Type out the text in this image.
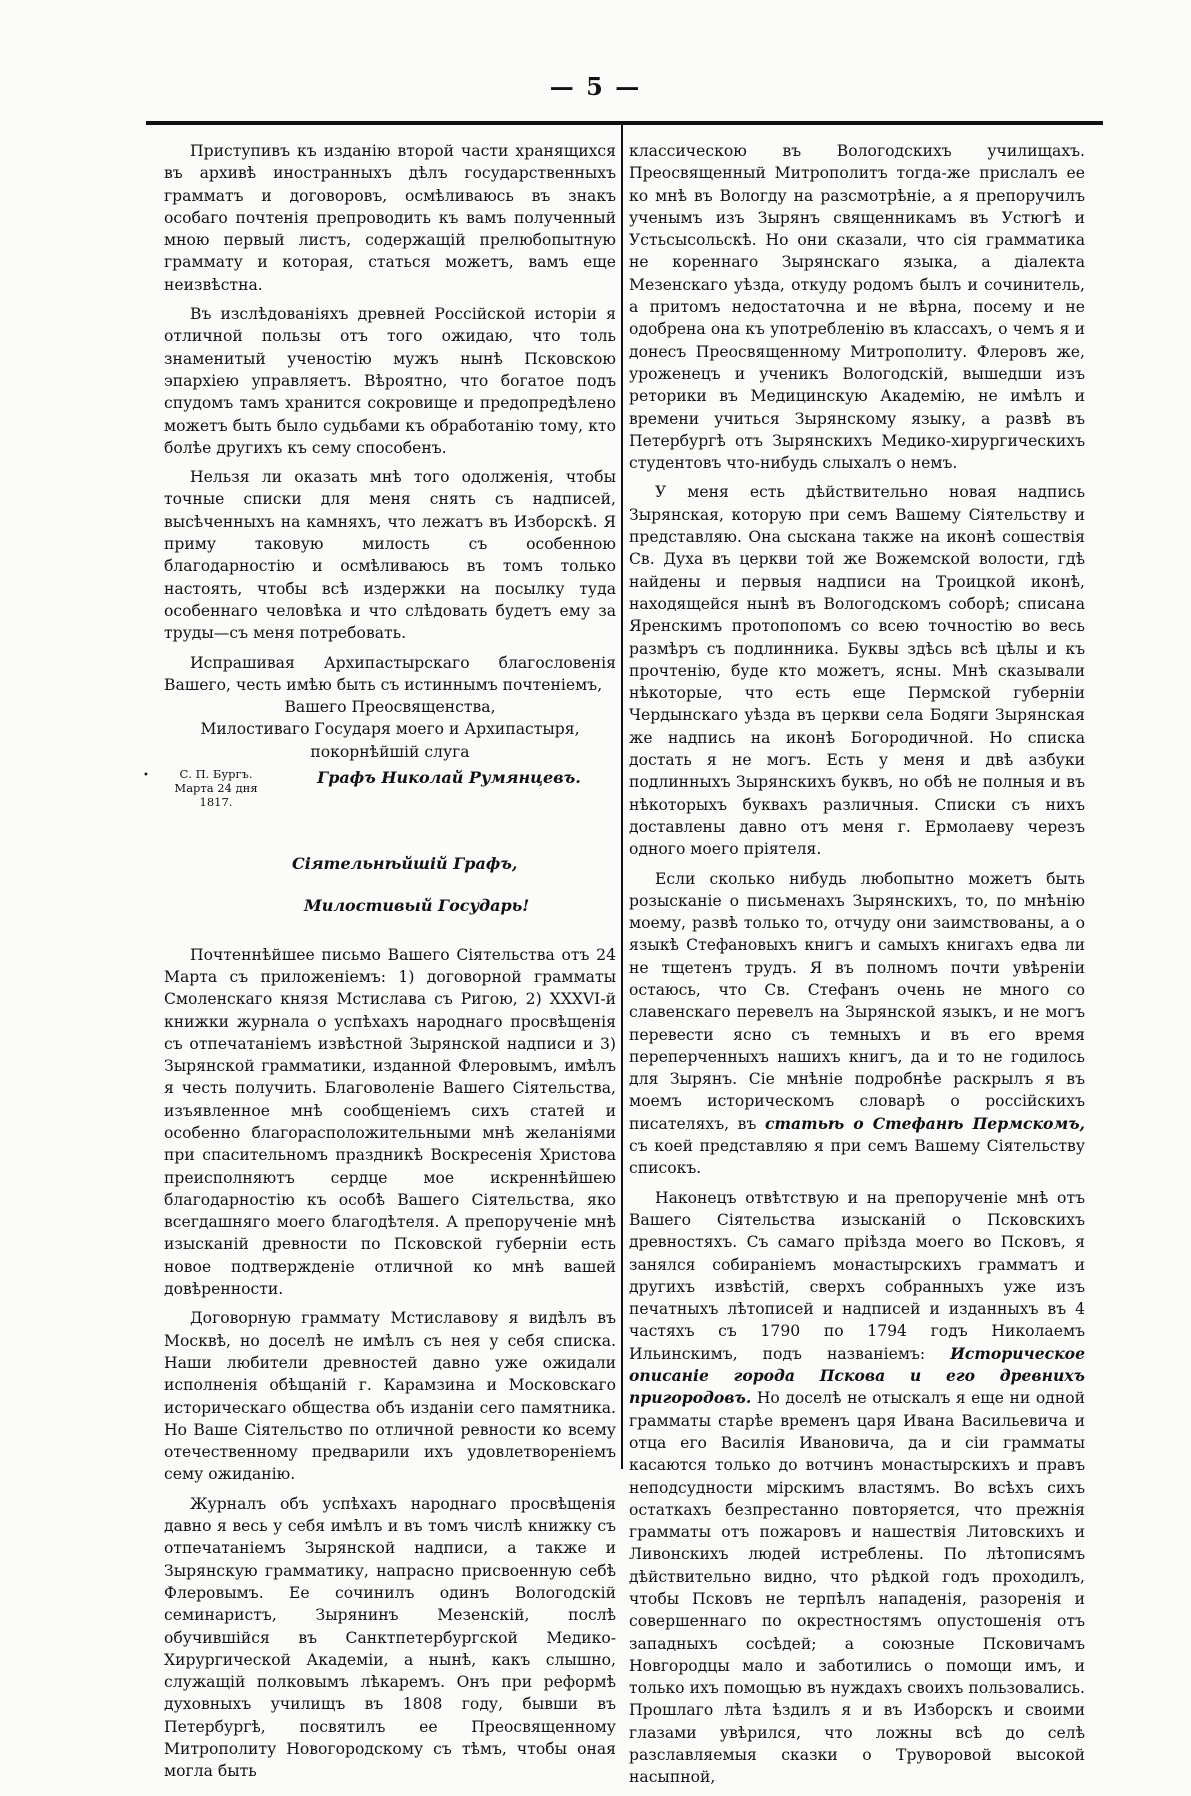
— 5 —

Приступивъ къ изданію второй части хранящихся въ архивѣ иностранныхъ дѣлъ государственныхъ грамматъ и договоровъ, осмѣливаюсь въ знакъ особаго почтенія препроводить къ вамъ полученный мною первый листъ, содержащій прелюбопытную граммату и которая, статься можетъ, вамъ еще неизвѣстна.

Въ изслѣдованіяхъ древней Россійской исторіи я отличной пользы отъ того ожидаю, что толь знаменитый ученостію мужъ нынѣ Псковскою эпархіею управляетъ. Вѣроятно, что богатое подъ спудомъ тамъ хранится сокровище и предопредѣлено можетъ быть было судьбами къ обработанію тому, кто болѣе другихъ къ сему способенъ.

Нельзя ли оказать мнѣ того одолженія, чтобы точные списки для меня снять съ надписей, высѣченныхъ на камняхъ, что лежатъ въ Изборскѣ. Я приму таковую милость съ особенною благодарностію и осмѣливаюсь въ томъ только настоять, чтобы всѣ издержки на посылку туда особеннаго человѣка и что слѣдовать будетъ ему за труды—съ меня потребовать.

Испрашивая Архипастырскаго благословенія Вашего, честь имѣю быть съ истиннымъ почтеніемъ,
Вашего Преосвященства,
Милостиваго Государя моего и Архипастыря,
покорнѣйшій слуга
•	С. П. Бургъ.
Марта 24 дня
1817.
Графъ Николай Румянцевъ.
Сіятельнѣйшій Графъ,
Милостивый Государь!

Почтеннѣйшее письмо Вашего Сіятельства отъ 24 Марта съ приложеніемъ: 1) договорной грамматы Смоленскаго князя Мстислава съ Ригою, 2) XXXVI-й книжки журнала о успѣхахъ народнаго просвѣщенія съ отпечатаніемъ извѣстной Зырянской надписи и 3) Зырянской грамматики, изданной Флеровымъ, имѣлъ я честь получить. Благоволеніе Вашего Сіятельства, изъявленное мнѣ сообщеніемъ сихъ статей и особенно благорасположительными мнѣ желаніями при спасительномъ праздникѣ Воскресенія Христова преисполняютъ сердце мое искреннѣйшею благодарностію къ особѣ Вашего Сіятельства, яко всегдашняго моего благодѣтеля. А препорученіе мнѣ изысканій древности по Псковской губерніи есть новое подтвержденіе отличной ко мнѣ вашей довѣренности.

Договорную граммату Мстиславову я видѣлъ въ Москвѣ, но доселѣ не имѣлъ съ нея у себя списка. Наши любители древностей давно уже ожидали исполненія обѣщаній г. Карамзина и Московскаго историческаго общества объ изданіи сего памятника. Но Ваше Сіятельство по отличной ревности ко всему отечественному предварили ихъ удовлетвореніемъ сему ожиданію.

Журналъ объ успѣхахъ народнаго просвѣщенія давно я весь у себя имѣлъ и въ томъ числѣ книжку съ отпечатаніемъ Зырянской надписи, а также и Зырянскую грамматику, напрасно присвоенную себѣ Флеровымъ. Ее сочинилъ одинъ Вологодскій семинаристъ, Зырянинъ Мезенскій, послѣ обучившійся въ Санктпетербургской Медико-Хирургической Академіи, а нынѣ, какъ слышно, служащій полковымъ лѣкаремъ. Онъ при реформѣ духовныхъ училищъ въ 1808 году, бывши въ Петербургѣ, посвятилъ ее Преосвященному Митрополиту Новогородскому съ тѣмъ, чтобы оная могла быть

классическою въ Вологодскихъ училищахъ. Преосвященный Митрополитъ тогда-же прислалъ ее ко мнѣ въ Вологду на разсмотрѣніе, а я препоручилъ ученымъ изъ Зырянъ священникамъ въ Устюгѣ и Устьсысольскѣ. Но они сказали, что сія грамматика не кореннаго Зырянскаго языка, а діалекта Мезенскаго уѣзда, откуду родомъ былъ и сочинитель, а притомъ недостаточна и не вѣрна, посему и не одобрена она къ употребленію въ классахъ, о чемъ я и донесъ Преосвященному Митрополиту. Флеровъ же, уроженецъ и ученикъ Вологодскій, вышедши изъ реторики въ Медицинскую Академію, не имѣлъ и времени учиться Зырянскому языку, а развѣ въ Петербургѣ отъ Зырянскихъ Медико-хирургическихъ студентовъ что-нибудь слыхалъ о немъ.

У меня есть дѣйствительно новая надпись Зырянская, которую при семъ Вашему Сіятельству и представляю. Она сыскана также на иконѣ сошествія Св. Духа въ церкви той же Вожемской волости, гдѣ найдены и первыя надписи на Троицкой иконѣ, находящейся нынѣ въ Вологодскомъ соборѣ; списана Яренскимъ протопопомъ со всею точностію во весь размѣръ съ подлинника. Буквы здѣсь всѣ цѣлы и къ прочтенію, буде кто можетъ, ясны. Мнѣ сказывали нѣкоторые, что есть еще Пермской губерніи Чердынскаго уѣзда въ церкви села Бодяги Зырянская же надпись на иконѣ Богородичной. Но списка достать я не могъ. Есть у меня и двѣ азбуки подлинныхъ Зырянскихъ буквъ, но обѣ не полныя и въ нѣкоторыхъ буквахъ различныя. Списки съ нихъ доставлены давно отъ меня г. Ермолаеву черезъ одного моего пріятеля.

Если сколько нибудь любопытно можетъ быть розысканіе о письменахъ Зырянскихъ, то, по мнѣнію моему, развѣ только то, отчуду они заимствованы, а о языкѣ Стефановыхъ книгъ и самыхъ книгахъ едва ли не тщетенъ трудъ. Я въ полномъ почти увѣреніи остаюсь, что Св. Стефанъ очень не много со славенскаго перевелъ на Зырянской языкъ, и не могъ перевести ясно съ темныхъ и въ его время переперченныхъ нашихъ книгъ, да и то не годилось для Зырянъ. Сіе мнѣніе подробнѣе раскрылъ я въ моемъ историческомъ словарѣ о россійскихъ писателяхъ, въ статьѣ о Стефанѣ Пермскомъ, съ коей представляю я при семъ Вашему Сіятельству списокъ.

Наконецъ отвѣтствую и на препорученіе мнѣ отъ Вашего Сіятельства изысканій о Псковскихъ древностяхъ. Съ самаго пріѣзда моего во Псковъ, я занялся собираніемъ монастырскихъ грамматъ и другихъ извѣстій, сверхъ собранныхъ уже изъ печатныхъ лѣтописей и надписей и изданныхъ въ 4 частяхъ съ 1790 по 1794 годъ Николаемъ Ильинскимъ, подъ названіемъ: Историческое описаніе города Пскова и его древнихъ пригородовъ. Но доселѣ не отыскалъ я еще ни одной грамматы старѣе временъ царя Ивана Васильевича и отца его Василія Ивановича, да и сіи грамматы касаются только до вотчинъ монастырскихъ и правъ неподсудности мірскимъ властямъ. Во всѣхъ сихъ остаткахъ безпрестанно повторяется, что прежнія грамматы отъ пожаровъ и нашествія Литовскихъ и Ливонскихъ людей истреблены. По лѣтописямъ дѣйствительно видно, что рѣдкой годъ проходилъ, чтобы Псковъ не терпѣлъ нападенія, разоренія и совершеннаго по окрестностямъ опустошенія отъ западныхъ сосѣдей; а союзные Псковичамъ Новгородцы мало и заботились о помощи имъ, и только ихъ помощью въ нуждахъ своихъ пользовались. Прошлаго лѣта ѣздилъ я и въ Изборскъ и своими глазами увѣрился, что ложны всѣ до селѣ разславляемыя сказки о Труворовой высокой насыпной,
